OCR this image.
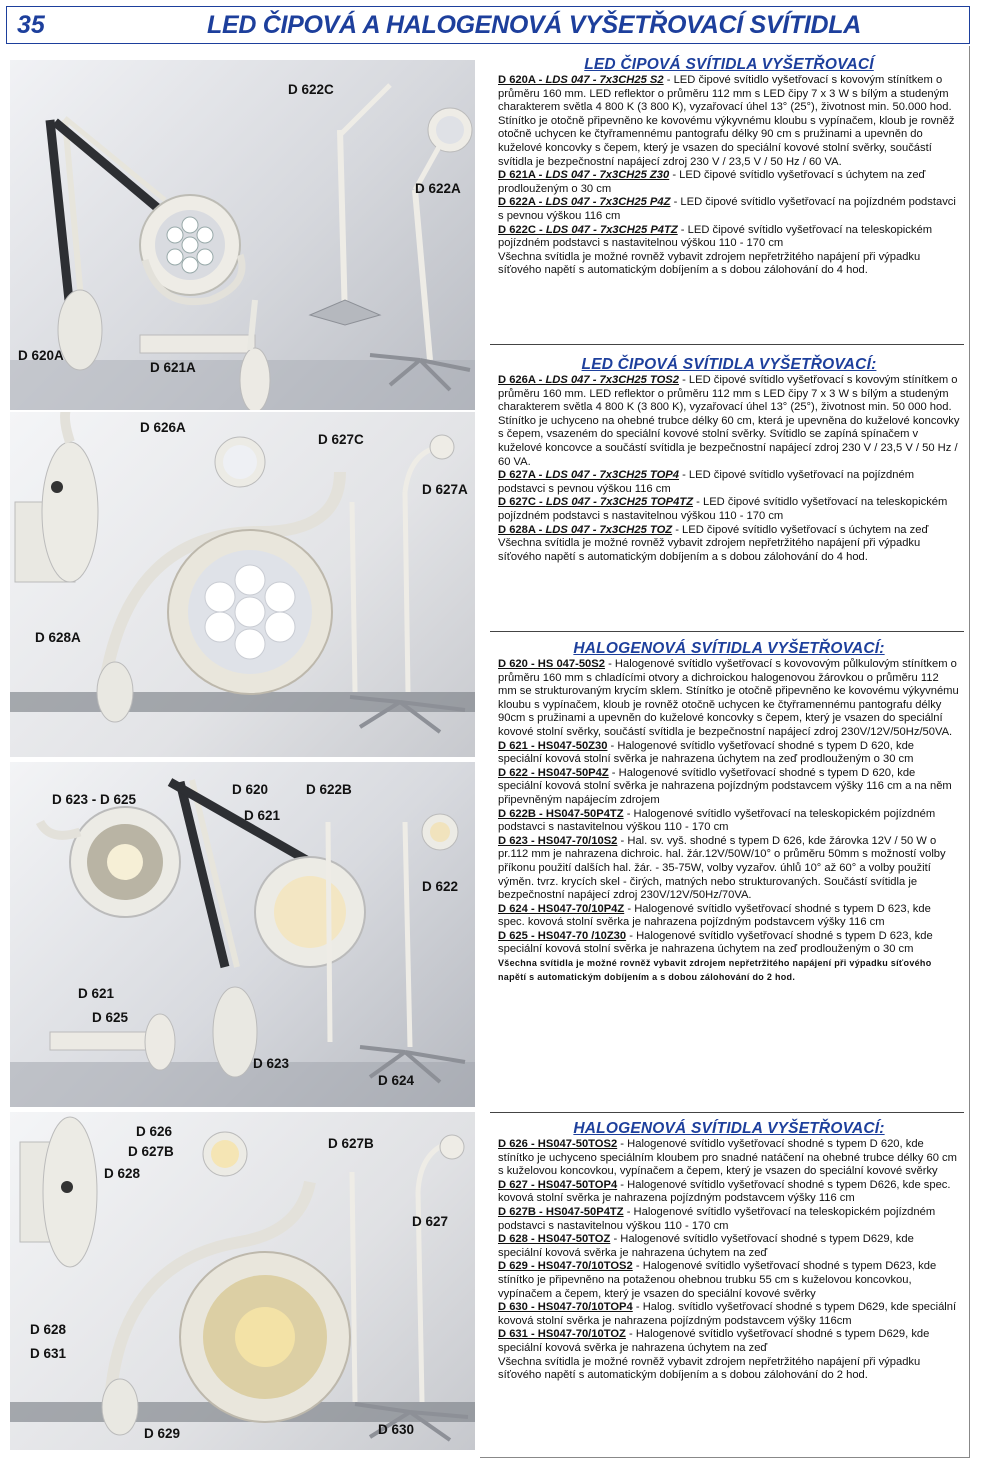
35	LED ČIPOVÁ A HALOGENOVÁ VYŠETŘOVACÍ SVÍTIDLA
D 622C
D 622A
D 620A
D 621A
D 626A
D 627C
D 627A
D 628A
D 623 - D 625
D 620	D 622B
D 621
D 622
D 621
D 625
D 623
D 624
D 626
D 627B
D 628
D 627B
D 627
D 628
D 631
D 629	D 630
LED ČIPOVÁ SVÍTIDLA VYŠETŘOVACÍ

D 620A - LDS 047 - 7x3CH25 S2 - LED čipové svítidlo vyšetřovací s kovovým stínítkem o průměru 160 mm. LED reflektor o průměru 112 mm s LED čipy 7 x 3 W s bílým a studeným charakterem světla 4 800 K (3 800 K), vyzařovací úhel 13° (25°), životnost min. 50.000 hod. Stínítko je otočně připevněno ke kovovému výkyvnému kloubu s vypínačem, kloub je rovněž otočně uchycen ke čtyřramennému pantografu délky 90 cm s pružinami a upevněn do kuželové koncovky s čepem, který je vsazen do speciální kovové stolní svěrky, součástí svítidla je bezpečnostní napájecí zdroj 230 V / 23,5 V / 50 Hz / 60 VA.

D 621A - LDS 047 - 7x3CH25 Z30 - LED čipové svítidlo vyšetřovací s úchytem na zeď prodlouženým o 30 cm

D 622A - LDS 047 - 7x3CH25 P4Z - LED čipové svítidlo vyšetřovací na pojízdném podstavci s pevnou výškou 116 cm

D 622C - LDS 047 - 7x3CH25 P4TZ - LED čipové svítidlo vyšetřovací na teleskopickém pojízdném podstavci s nastavitelnou výškou 110 - 170 cm

Všechna svítidla je možné rovněž vybavit zdrojem nepřetržitého napájení při výpadku síťového napětí s automatickým dobíjením a s dobou zálohování do 4 hod.

LED ČIPOVÁ SVÍTIDLA VYŠETŘOVACÍ:

D 626A - LDS 047 - 7x3CH25 TOS2 - LED čipové svítidlo vyšetřovací s kovovým stínítkem o průměru 160 mm. LED reflektor o průměru 112 mm s LED čipy 7 x 3 W s bílým a studeným charakterem světla 4 800 K (3 800 K), vyzařovací úhel 13° (25°), životnost min. 50 000 hod. Stínítko je uchyceno na ohebné trubce délky 60 cm, která je upevněna do kuželové koncovky s čepem, vsazeném do speciální kovové stolní svěrky. Svítidlo se zapíná spínačem v kuželové koncovce a součástí svítidla je bezpečnostní napájecí zdroj 230 V / 23,5 V / 50 Hz / 60 VA.

D 627A - LDS 047 - 7x3CH25 TOP4 - LED čipové svítidlo vyšetřovací na pojízdném podstavci s pevnou výškou 116 cm

D 627C - LDS 047 - 7x3CH25 TOP4TZ - LED čipové svítidlo vyšetřovací na teleskopickém pojízdném podstavci s nastavitelnou výškou 110 - 170 cm

D 628A - LDS 047 - 7x3CH25 TOZ - LED čipové svítidlo vyšetřovací s úchytem na zeď

Všechna svítidla je možné rovněž vybavit zdrojem nepřetržitého napájení při výpadku síťového napětí s automatickým dobíjením a s dobou zálohování do 4 hod.

HALOGENOVÁ SVÍTIDLA VYŠETŘOVACÍ:

D 620 - HS 047-50S2 - Halogenové svítidlo vyšetřovací s kovovovým půlkulovým stínítkem o průměru 160 mm s chladícími otvory a dichroickou halogenovou žárovkou o průměru 112 mm se strukturovaným krycím sklem. Stínítko je otočně připevněno ke kovovému výkyvnému kloubu s vypínačem, kloub je rovněž otočně uchycen ke čtyřramennému pantografu délky 90cm s pružinami a upevněn do kuželové koncovky s čepem, který je vsazen do speciální kovové stolní svěrky, součástí svítidla je bezpečnostní napájecí zdroj 230V/12V/50Hz/50VA.

D 621 - HS047-50Z30 - Halogenové svítidlo vyšetřovací shodné s typem D 620, kde speciální kovová stolní svěrka je nahrazena úchytem na zeď prodlouženým o 30 cm

D 622 - HS047-50P4Z - Halogenové svítidlo vyšetřovací shodné s typem D 620, kde speciální kovová stolní svěrka je nahrazena pojízdným podstavcem výšky 116 cm a na něm připevněným napájecím zdrojem

D 622B - HS047-50P4TZ - Halogenové svítidlo vyšetřovací na teleskopickém pojízdném podstavci s nastavitelnou výškou 110 - 170 cm

D 623 - HS047-70/10S2 - Hal. sv. vyš. shodné s typem D 626, kde žárovka 12V / 50 W o pr.112 mm je nahrazena dichroic. hal. žár.12V/50W/10° o průměru 50mm s možností volby příkonu použití dalších hal. žár. - 35-75W, volby vyzařov. úhlů 10° až 60° a volby použití výměn. tvrz. krycích skel - čirých, matných nebo strukturovaných. Součástí svítidla je bezpečnostní napájecí zdroj 230V/12V/50Hz/70VA.

D 624 - HS047-70/10P4Z - Halogenové svítidlo vyšetřovací shodné s typem D 623, kde spec. kovová stolní svěrka je nahrazena pojízdným podstavcem výšky 116 cm

D 625 - HS047-70 /10Z30 - Halogenové svítidlo vyšetřovací shodné s typem D 623, kde speciální kovová stolní svěrka je nahrazena úchytem na zeď prodlouženým o 30 cm

Všechna svítidla je možné rovněž vybavit zdrojem nepřetržitého napájení při výpadku síťového napětí s automatickým dobíjením a s dobou zálohování do 2 hod.

HALOGENOVÁ SVÍTIDLA VYŠETŘOVACÍ:

D 626 - HS047-50TOS2 - Halogenové svítidlo vyšetřovací shodné s typem D 620, kde stínítko je uchyceno speciálním kloubem pro snadné natáčení na ohebné trubce délky 60 cm s kuželovou koncovkou, vypínačem a čepem, který je vsazen do speciální kovové svěrky

D 627 - HS047-50TOP4 - Halogenové svítidlo vyšetřovací shodné s typem D626, kde spec. kovová stolní svěrka je nahrazena pojízdným podstavcem výšky 116 cm

D 627B - HS047-50P4TZ - Halogenové svítidlo vyšetřovací na teleskopickém pojízdném podstavci s nastavitelnou výškou 110 - 170 cm

D 628 - HS047-50TOZ - Halogenové svítidlo vyšetřovací shodné s typem D629, kde speciální kovová svěrka je nahrazena úchytem na zeď

D 629 - HS047-70/10TOS2 - Halogenové svítidlo vyšetřovací shodné s typem D623, kde stínítko je připevněno na potaženou ohebnou trubku 55 cm s kuželovou koncovkou, vypínačem a čepem, který je vsazen do speciální kovové svěrky

D 630 - HS047-70/10TOP4 - Halog. svítidlo vyšetřovací shodné s typem D629, kde speciální kovová stolní svěrka je nahrazena pojízdným podstavcem výšky 116cm

D 631 - HS047-70/10TOZ - Halogenové svítidlo vyšetřovací shodné s typem D629, kde speciální kovová svěrka je nahrazena úchytem na zeď

Všechna svítidla je možné rovněž vybavit zdrojem nepřetržitého napájení při výpadku síťového napětí s automatickým dobíjením a s dobou zálohování do 2 hod.
